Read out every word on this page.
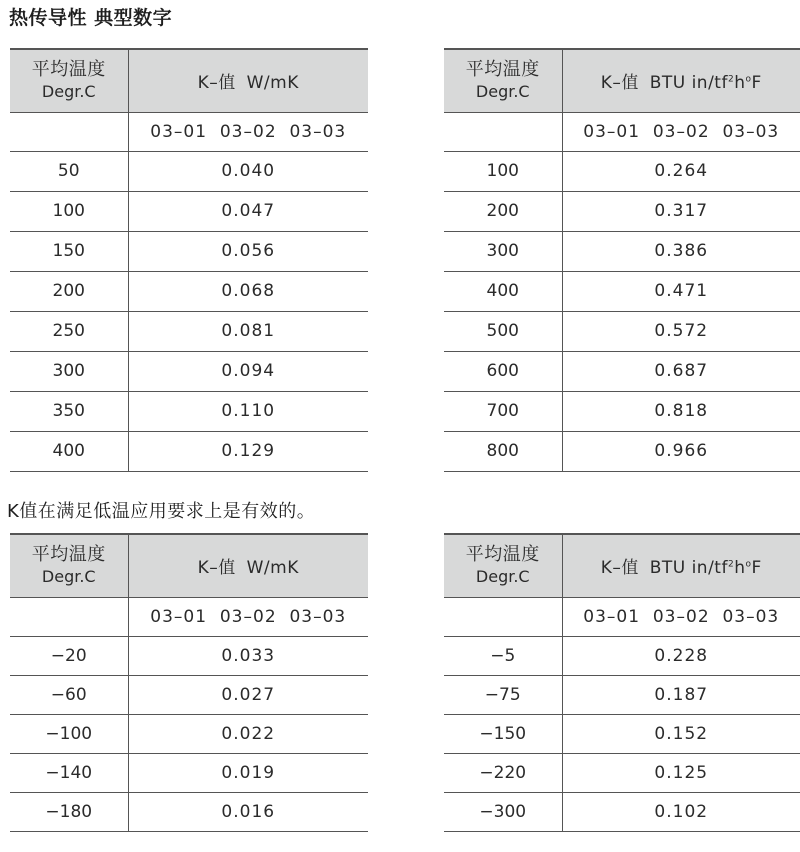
热传导性 典型数字
平均温度
Degr.C	K–值 W/mK
	03–01  03–02  03–03
50	0.040
100	0.047
150	0.056
200	0.068
250	0.081
300	0.094
350	0.110
400	0.129
平均温度
Degr.C	K–值 BTU $in/tf^2h^oF$
	03–01  03–02  03–03
100	0.264
200	0.317
300	0.386
400	0.471
500	0.572
600	0.687
700	0.818
800	0.966
K值在满足低温应用要求上是有效的。
平均温度
Degr.C	K–值 W/mK
	03–01  03–02  03–03
−20	0.033
−60	0.027
−100	0.022
−140	0.019
−180	0.016
平均温度
Degr.C	K–值 BTU $in/tf^2h^oF$
	03–01  03–02  03–03
−5	0.228
−75	0.187
−150	0.152
−220	0.125
−300	0.102
